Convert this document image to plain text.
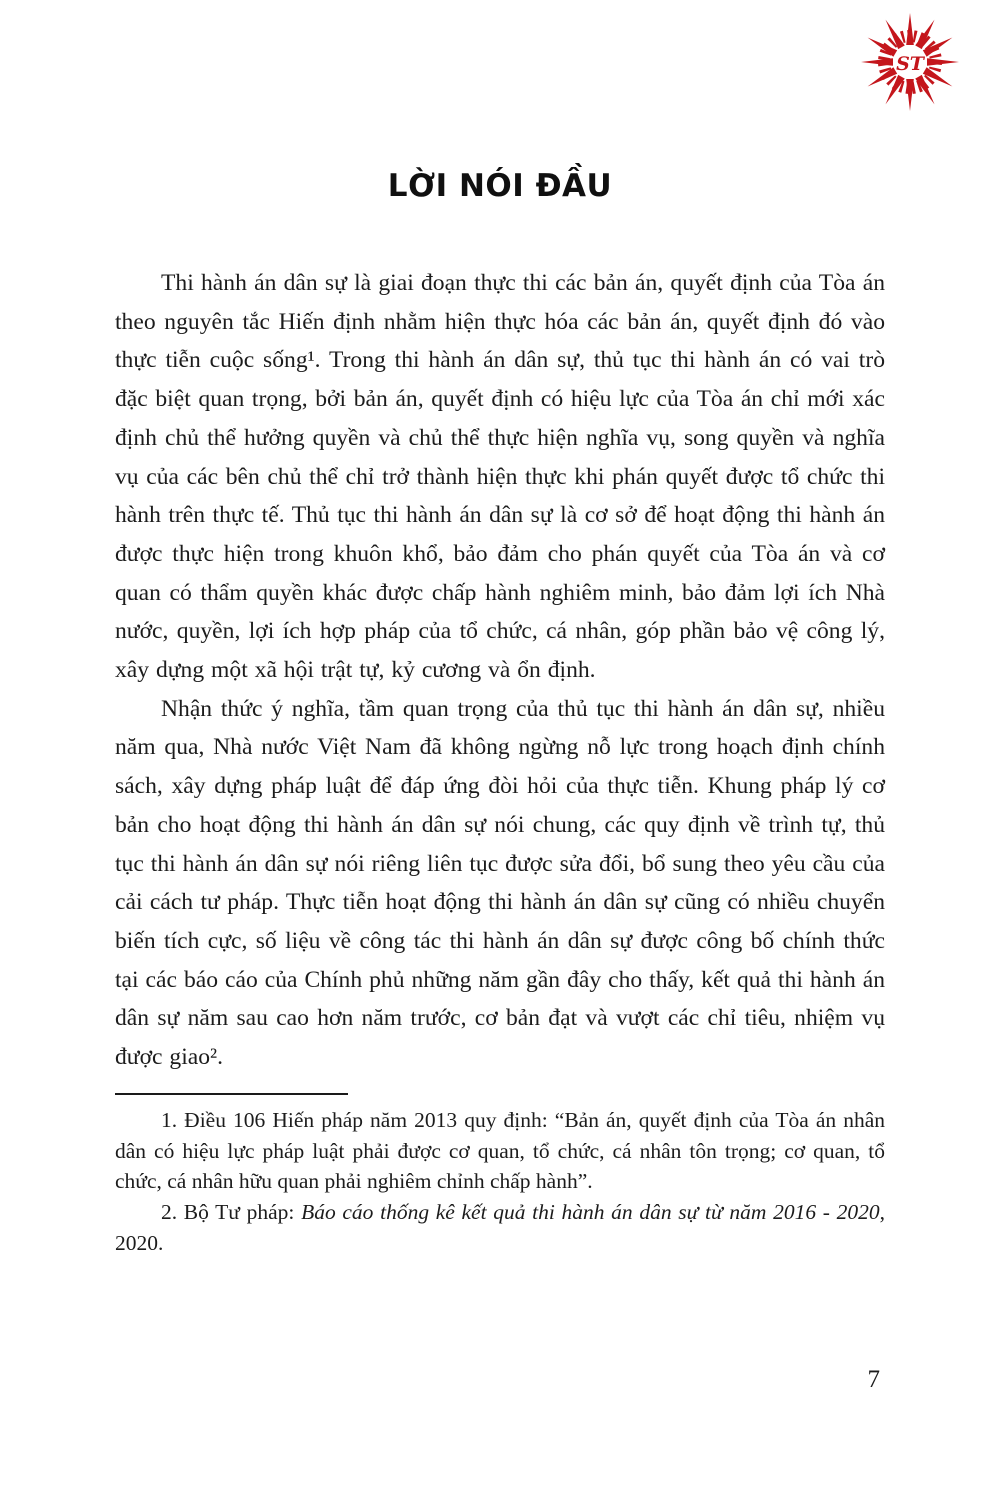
ST
LỜI NÓI ĐẦU

Thi hành án dân sự là giai đoạn thực thi các bản án, quyết định của Tòa án theo nguyên tắc Hiến định nhằm hiện thực hóa các bản án, quyết định đó vào thực tiễn cuộc sống¹. Trong thi hành án dân sự, thủ tục thi hành án có vai trò đặc biệt quan trọng, bởi bản án, quyết định có hiệu lực của Tòa án chỉ mới xác định chủ thể hưởng quyền và chủ thể thực hiện nghĩa vụ, song quyền và nghĩa vụ của các bên chủ thể chỉ trở thành hiện thực khi phán quyết được tổ chức thi hành trên thực tế. Thủ tục thi hành án dân sự là cơ sở để hoạt động thi hành án được thực hiện trong khuôn khổ, bảo đảm cho phán quyết của Tòa án và cơ quan có thẩm quyền khác được chấp hành nghiêm minh, bảo đảm lợi ích Nhà nước, quyền, lợi ích hợp pháp của tổ chức, cá nhân, góp phần bảo vệ công lý, xây dựng một xã hội trật tự, kỷ cương và ổn định.

Nhận thức ý nghĩa, tầm quan trọng của thủ tục thi hành án dân sự, nhiều năm qua, Nhà nước Việt Nam đã không ngừng nỗ lực trong hoạch định chính sách, xây dựng pháp luật để đáp ứng đòi hỏi của thực tiễn. Khung pháp lý cơ bản cho hoạt động thi hành án dân sự nói chung, các quy định về trình tự, thủ tục thi hành án dân sự nói riêng liên tục được sửa đổi, bổ sung theo yêu cầu của cải cách tư pháp. Thực tiễn hoạt động thi hành án dân sự cũng có nhiều chuyển biến tích cực, số liệu về công tác thi hành án dân sự được công bố chính thức tại các báo cáo của Chính phủ những năm gần đây cho thấy, kết quả thi hành án dân sự năm sau cao hơn năm trước, cơ bản đạt và vượt các chỉ tiêu, nhiệm vụ được giao².

1. Điều 106 Hiến pháp năm 2013 quy định: “Bản án, quyết định của Tòa án nhân dân có hiệu lực pháp luật phải được cơ quan, tổ chức, cá nhân tôn trọng; cơ quan, tổ chức, cá nhân hữu quan phải nghiêm chỉnh chấp hành”.

2. Bộ Tư pháp: Báo cáo thống kê kết quả thi hành án dân sự từ năm 2016 - 2020, 2020.

7
